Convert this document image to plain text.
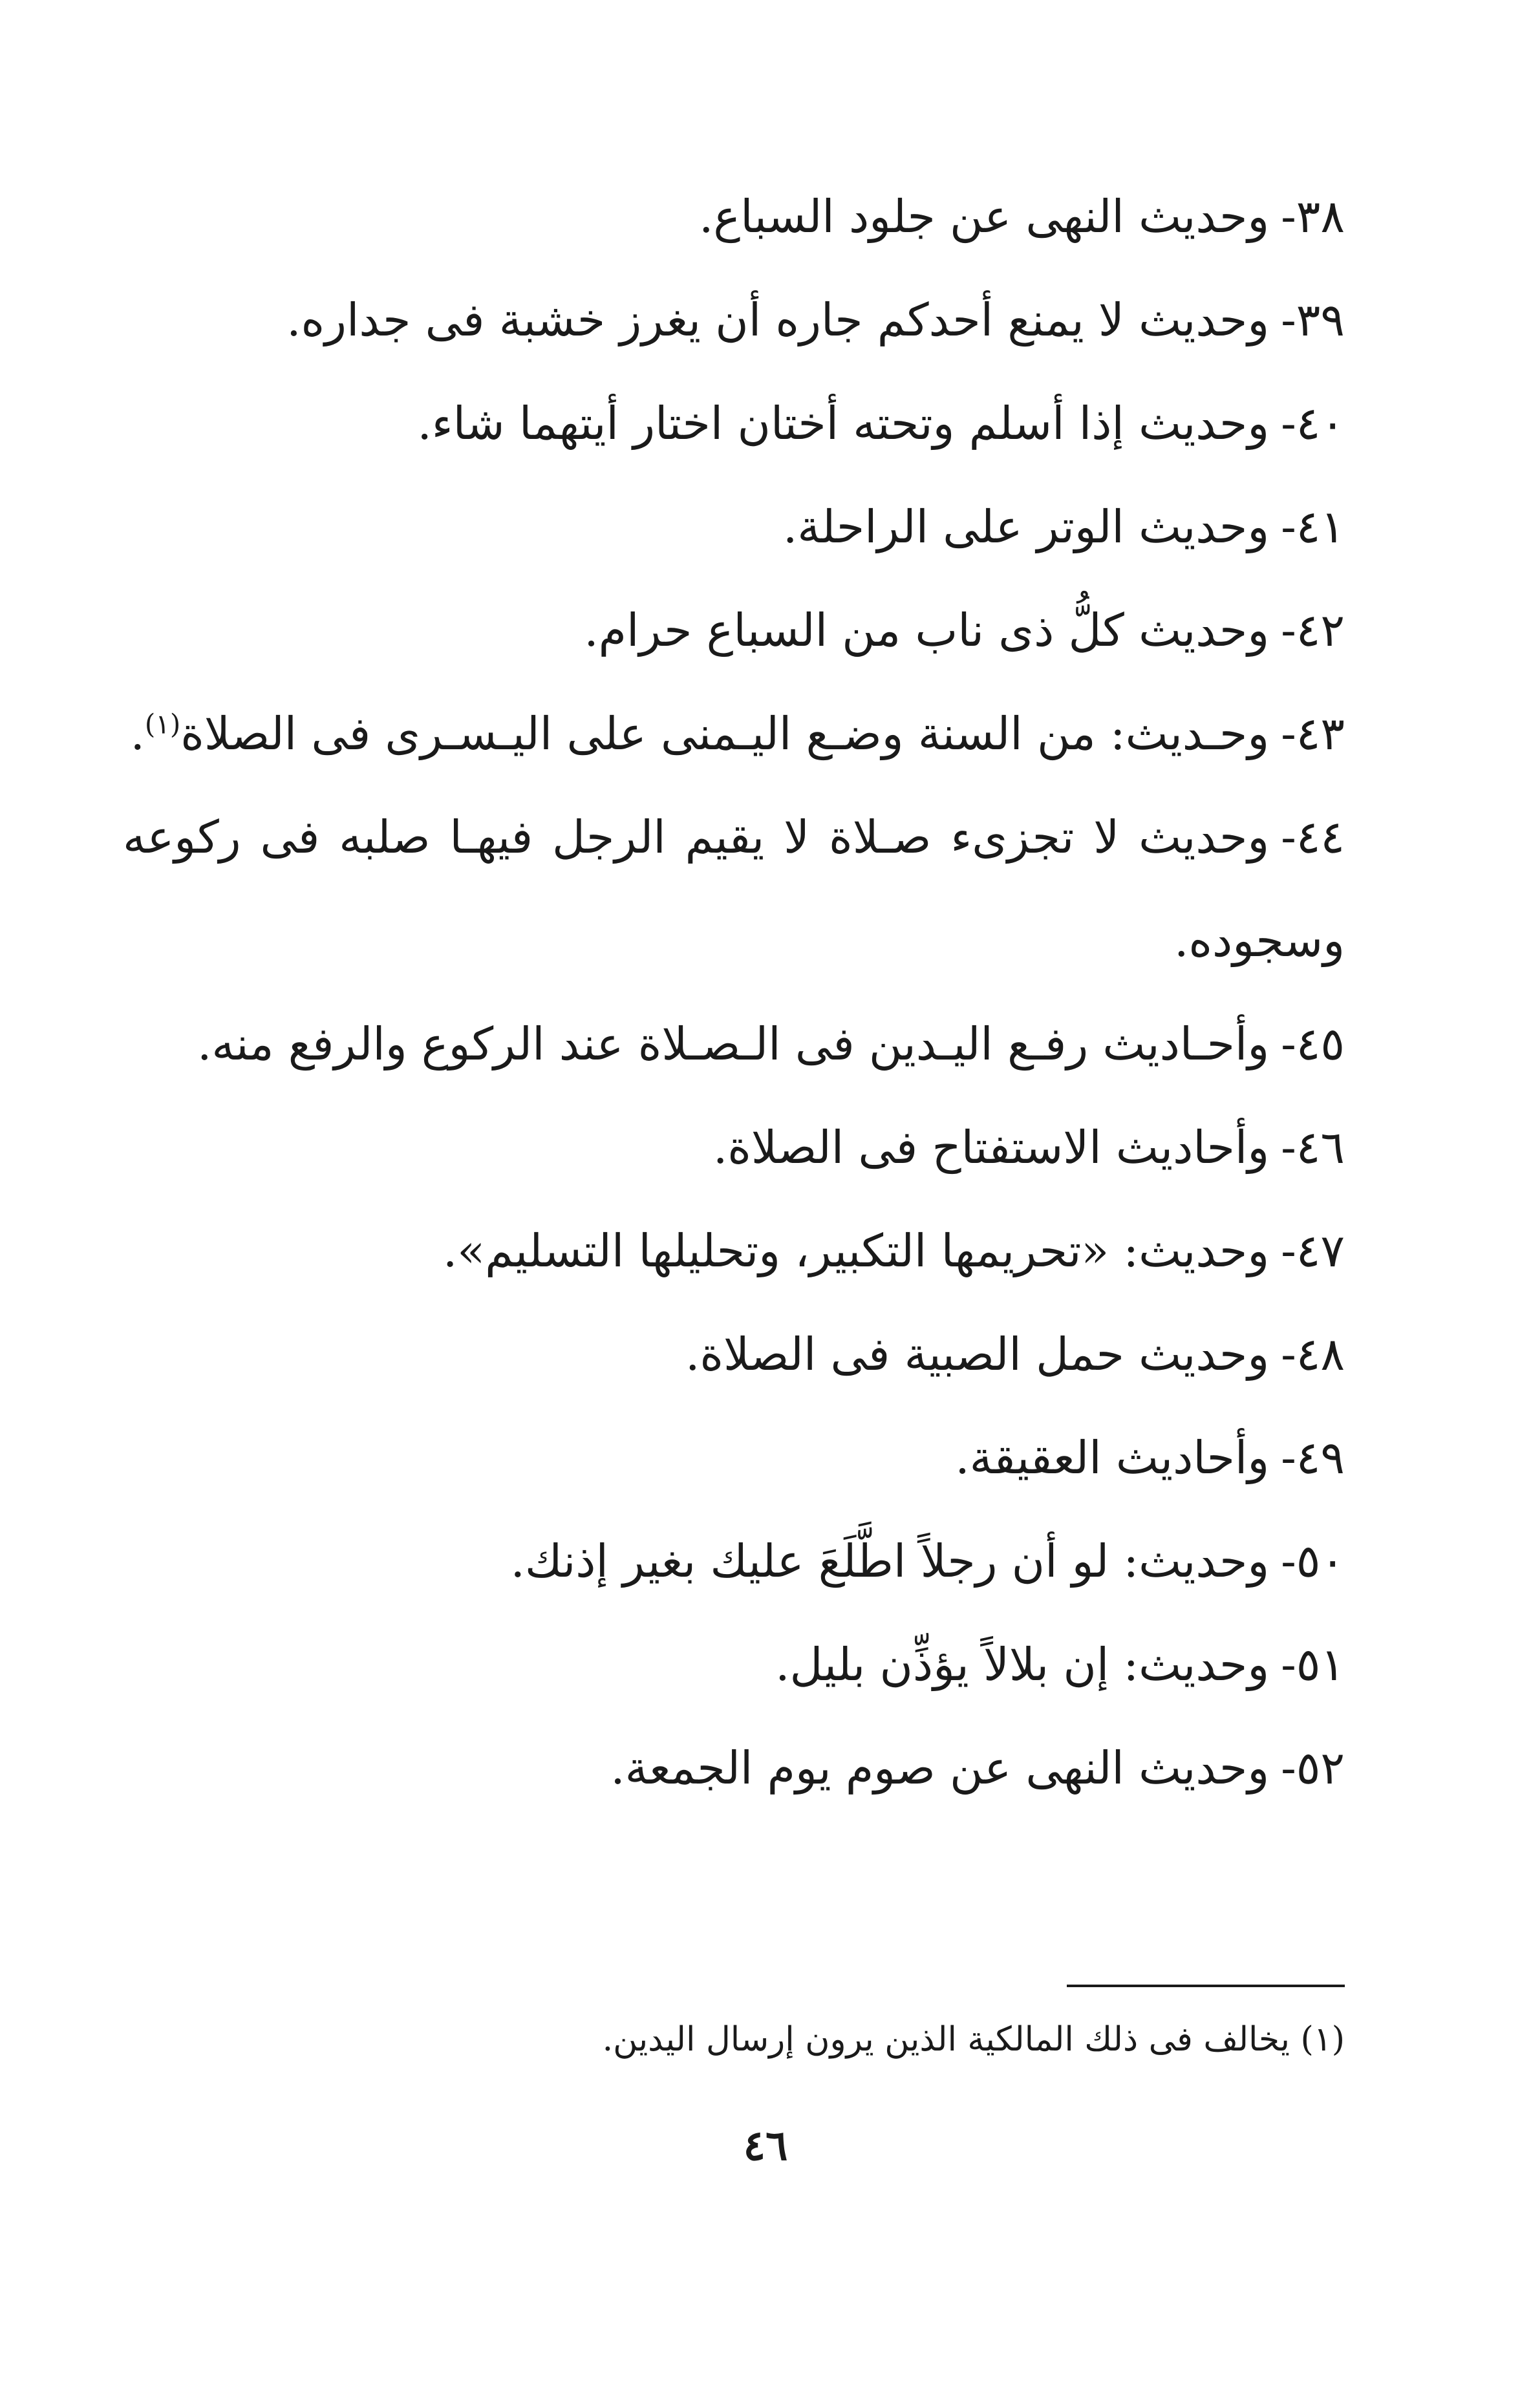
٣٨-وحديث النهى عن جلود السباع.

٣٩-وحديث لا يمنع أحدكم جاره أن يغرز خشبة فى جداره.

٤٠-وحديث إذا أسلم وتحته أختان اختار أيتهما شاء.

٤١-وحديث الوتر على الراحلة.

٤٢-وحديث كلُّ ذى ناب من السباع حرام.

٤٣-وحـديث: من السنة وضـع اليـمنى على اليـسـرى فى الصلاة$^{(١)}$.

٤٤-وحديث لا تجزىء صـلاة لا يقيم الرجل فيهـا صلبه فى ركوعه وسجوده.

٤٥-وأحـاديث رفـع اليـدين فى الـصـلاة عند الركوع والرفع منه.

٤٦-وأحاديث الاستفتاح فى الصلاة.

٤٧-وحديث: «تحريمها التكبير، وتحليلها التسليم».

٤٨-وحديث حمل الصبية فى الصلاة.

٤٩-وأحاديث العقيقة.

٥٠-وحديث: لو أن رجلاً اطَّلَعَ عليك بغير إذنك.

٥١-وحديث: إن بلالاً يؤذِّن بليل.

٥٢-وحديث النهى عن صوم يوم الجمعة.

(١) يخالف فى ذلك المالكية الذين يرون إرسال اليدين.
٤٦
